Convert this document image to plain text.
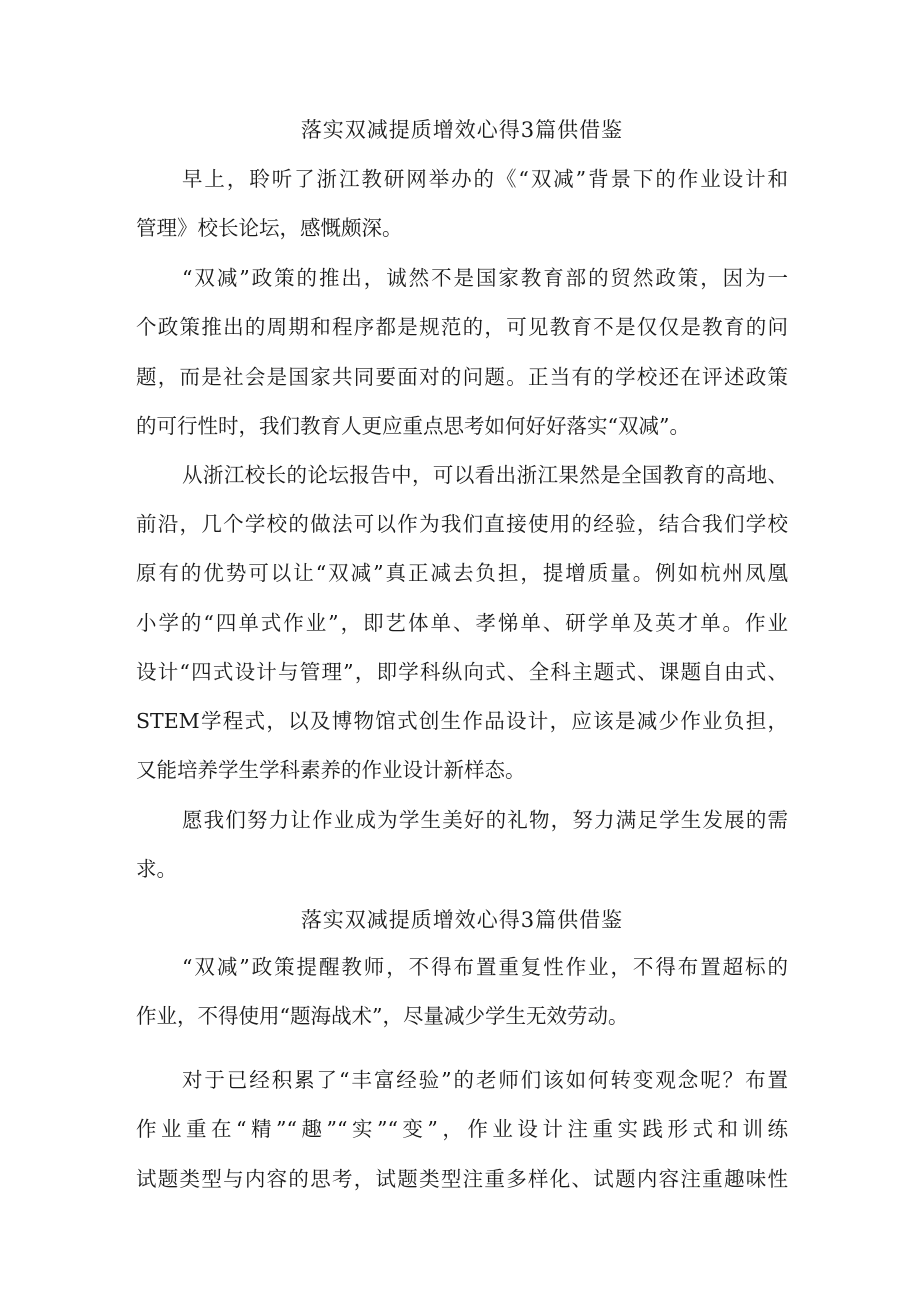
落实双减提质增效心得3篇供借鉴

早上，聆听了浙江教研网举办的《“双减”背景下的作业设计和

管理》校长论坛，感慨颇深。

“双减”政策的推出，诚然不是国家教育部的贸然政策，因为一

个政策推出的周期和程序都是规范的，可见教育不是仅仅是教育的问

题，而是社会是国家共同要面对的问题。正当有的学校还在评述政策

的可行性时，我们教育人更应重点思考如何好好落实“双减”。

从浙江校长的论坛报告中，可以看出浙江果然是全国教育的高地、

前沿，几个学校的做法可以作为我们直接使用的经验，结合我们学校

原有的优势可以让“双减”真正减去负担，提增质量。例如杭州凤凰

小学的“四单式作业”，即艺体单、孝悌单、研学单及英才单。作业

设计“四式设计与管理”，即学科纵向式、全科主题式、课题自由式、

STEM学程式，以及博物馆式创生作品设计，应该是减少作业负担，

又能培养学生学科素养的作业设计新样态。

愿我们努力让作业成为学生美好的礼物，努力满足学生发展的需

求。

落实双减提质增效心得3篇供借鉴

“双减”政策提醒教师，不得布置重复性作业，不得布置超标的

作业，不得使用“题海战术”，尽量减少学生无效劳动。

对于已经积累了“丰富经验”的老师们该如何转变观念呢？布置

作业重在“精”“趣”“实”“变”，作业设计注重实践形式和训练

试题类型与内容的思考，试题类型注重多样化、试题内容注重趣味性
